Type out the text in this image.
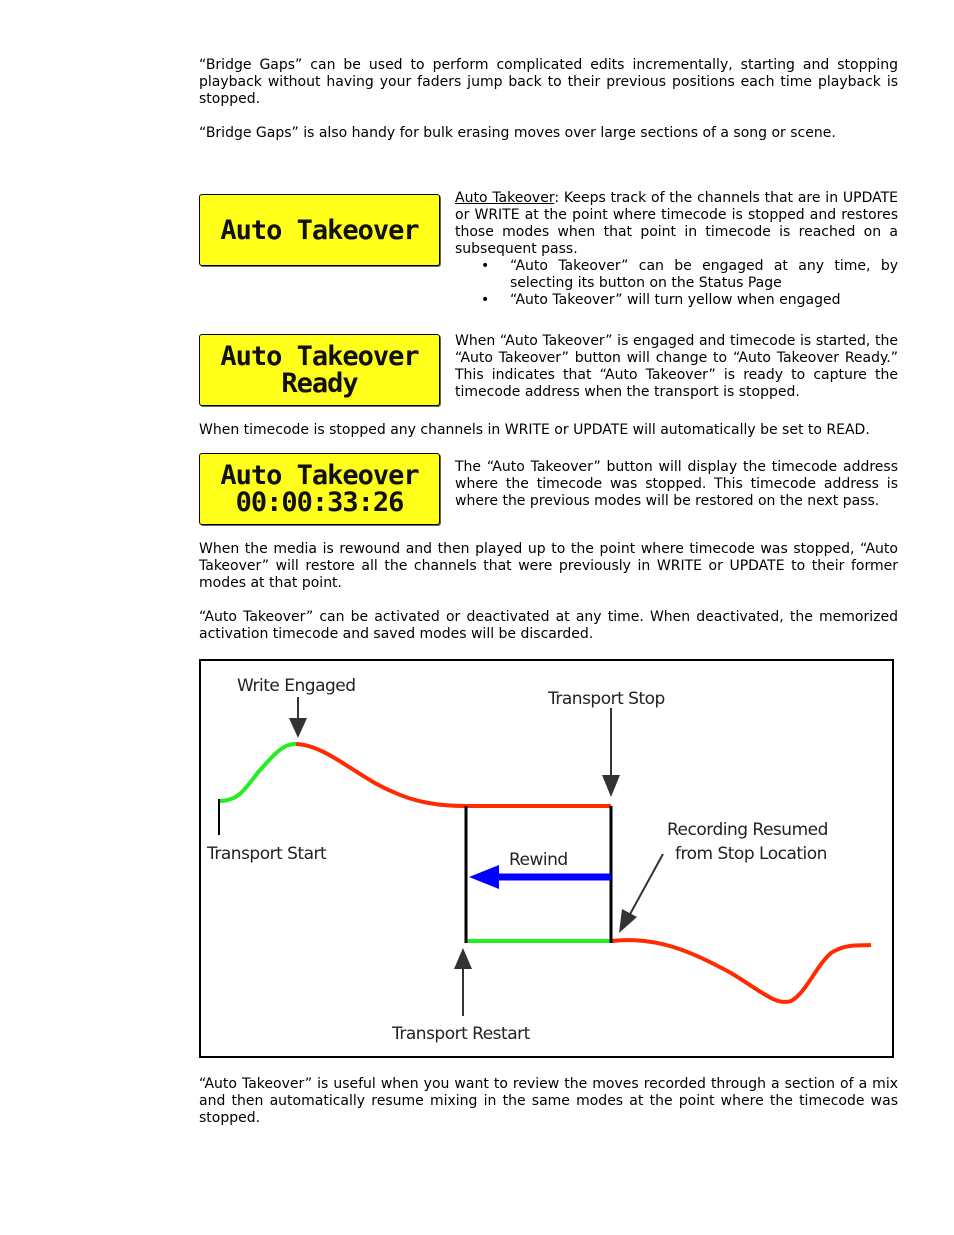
“Bridge Gaps” can be used to perform complicated edits incrementally, starting and stopping playback without having your faders jump back to their previous positions each time playback is stopped.

“Bridge Gaps” is also handy for bulk erasing moves over large sections of a song or scene.

Auto Takeover
Auto Takeover: Keeps track of the channels that are in UPDATE or WRITE at the point where timecode is stopped and restores those modes when that point in timecode is reached on a subsequent pass.
• “Auto Takeover” can be engaged at any time, by selecting its button on the Status Page
• “Auto Takeover” will turn yellow when engaged
Auto Takeover
Ready

When “Auto Takeover” is engaged and timecode is started, the “Auto Takeover” button will change to “Auto Takeover Ready.” This indicates that “Auto Takeover” is ready to capture the timecode address when the transport is stopped.

When timecode is stopped any channels in WRITE or UPDATE will automatically be set to READ.

Auto Takeover
00:00:33:26

The “Auto Takeover” button will display the timecode address where the timecode was stopped. This timecode address is where the previous modes will be restored on the next pass.

When the media is rewound and then played up to the point where timecode was stopped, “Auto Takeover” will restore all the channels that were previously in WRITE or UPDATE to their former modes at that point.

“Auto Takeover” can be activated or deactivated at any time. When deactivated, the memorized activation timecode and saved modes will be discarded.

Write Engaged
Transport Stop
Transport Start	Rewind
Recording Resumed
from Stop Location
Transport Restart

“Auto Takeover” is useful when you want to review the moves recorded through a section of a mix and then automatically resume mixing in the same modes at the point where the timecode was stopped.
